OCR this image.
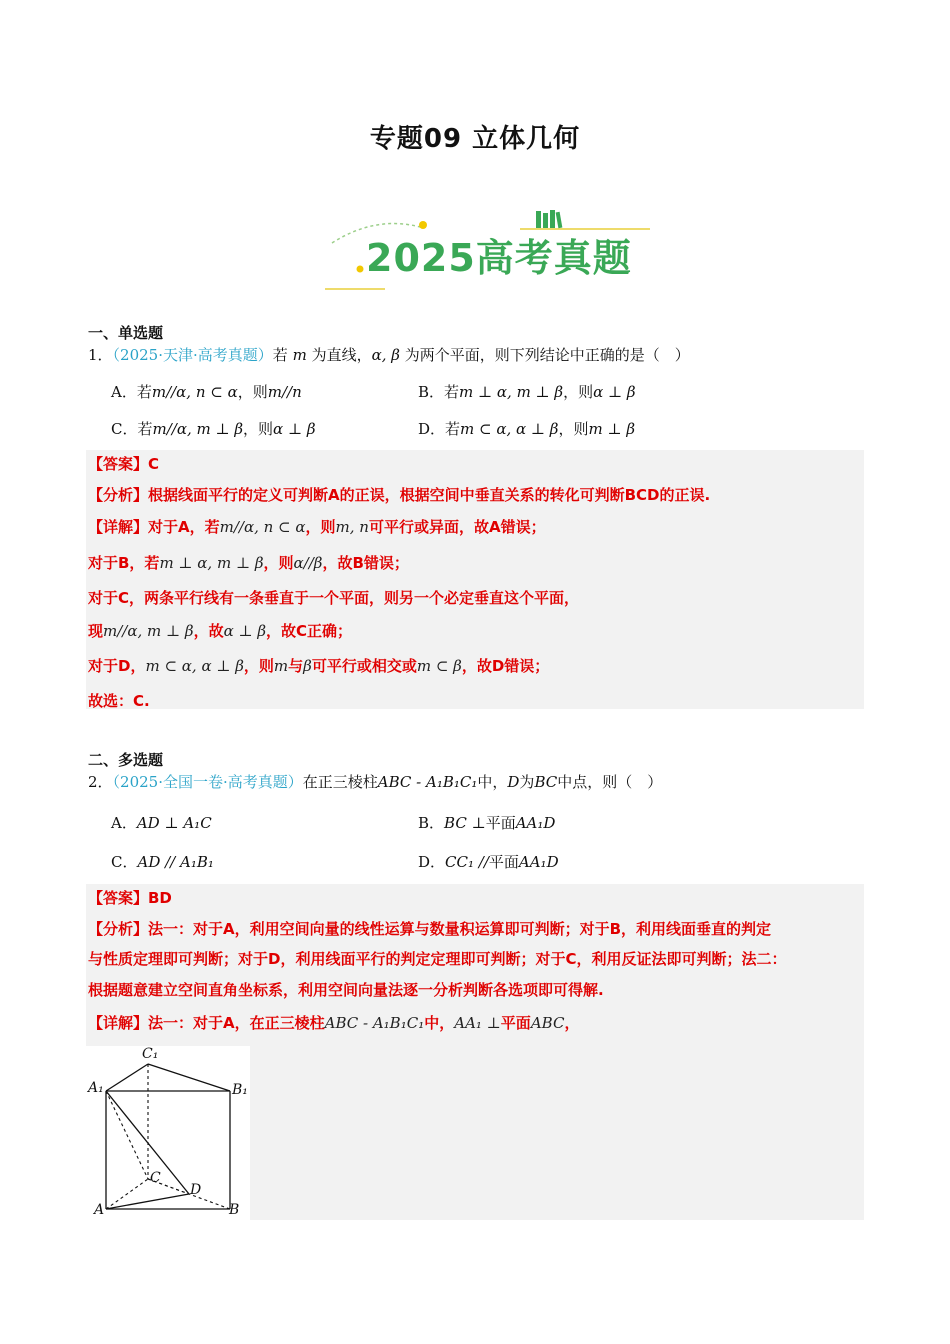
专题09 立体几何
2025高考真题
一、单选题
1．（2025·天津·高考真题）若 m 为直线，α, β 为两个平面，则下列结论中正确的是（　）
A．若m//α, n ⊂ α，则m//n	B．若m ⊥ α, m ⊥ β，则α ⊥ β
C．若m//α, m ⊥ β，则α ⊥ β	D．若m ⊂ α, α ⊥ β，则m ⊥ β
【答案】C
【分析】根据线面平行的定义可判断A的正误，根据空间中垂直关系的转化可判断BCD的正误.
【详解】对于A，若m//α, n ⊂ α，则m, n可平行或异面，故A错误；
对于B，若m ⊥ α, m ⊥ β，则α//β，故B错误；
对于C，两条平行线有一条垂直于一个平面，则另一个必定垂直这个平面，
现m//α, m ⊥ β，故α ⊥ β，故C正确；
对于D，m ⊂ α, α ⊥ β，则m与β可平行或相交或m ⊂ β，故D错误；
故选：C.
二、多选题
2．（2025·全国一卷·高考真题）在正三棱柱ABC - A₁B₁C₁中，D为BC中点，则（　）
A．AD ⊥ A₁C	B．BC ⊥平面AA₁D
C．AD // A₁B₁	D．CC₁ //平面AA₁D
【答案】BD
【分析】法一：对于A，利用空间向量的线性运算与数量积运算即可判断；对于B，利用线面垂直的判定
与性质定理即可判断；对于D，利用线面平行的判定定理即可判断；对于C，利用反证法即可判断；法二：
根据题意建立空间直角坐标系，利用空间向量法逐一分析判断各选项即可得解.
【详解】法一：对于A，在正三棱柱ABC - A₁B₁C₁中，AA₁ ⊥平面ABC，
C₁
A₁	B₁
C
D
A	B
